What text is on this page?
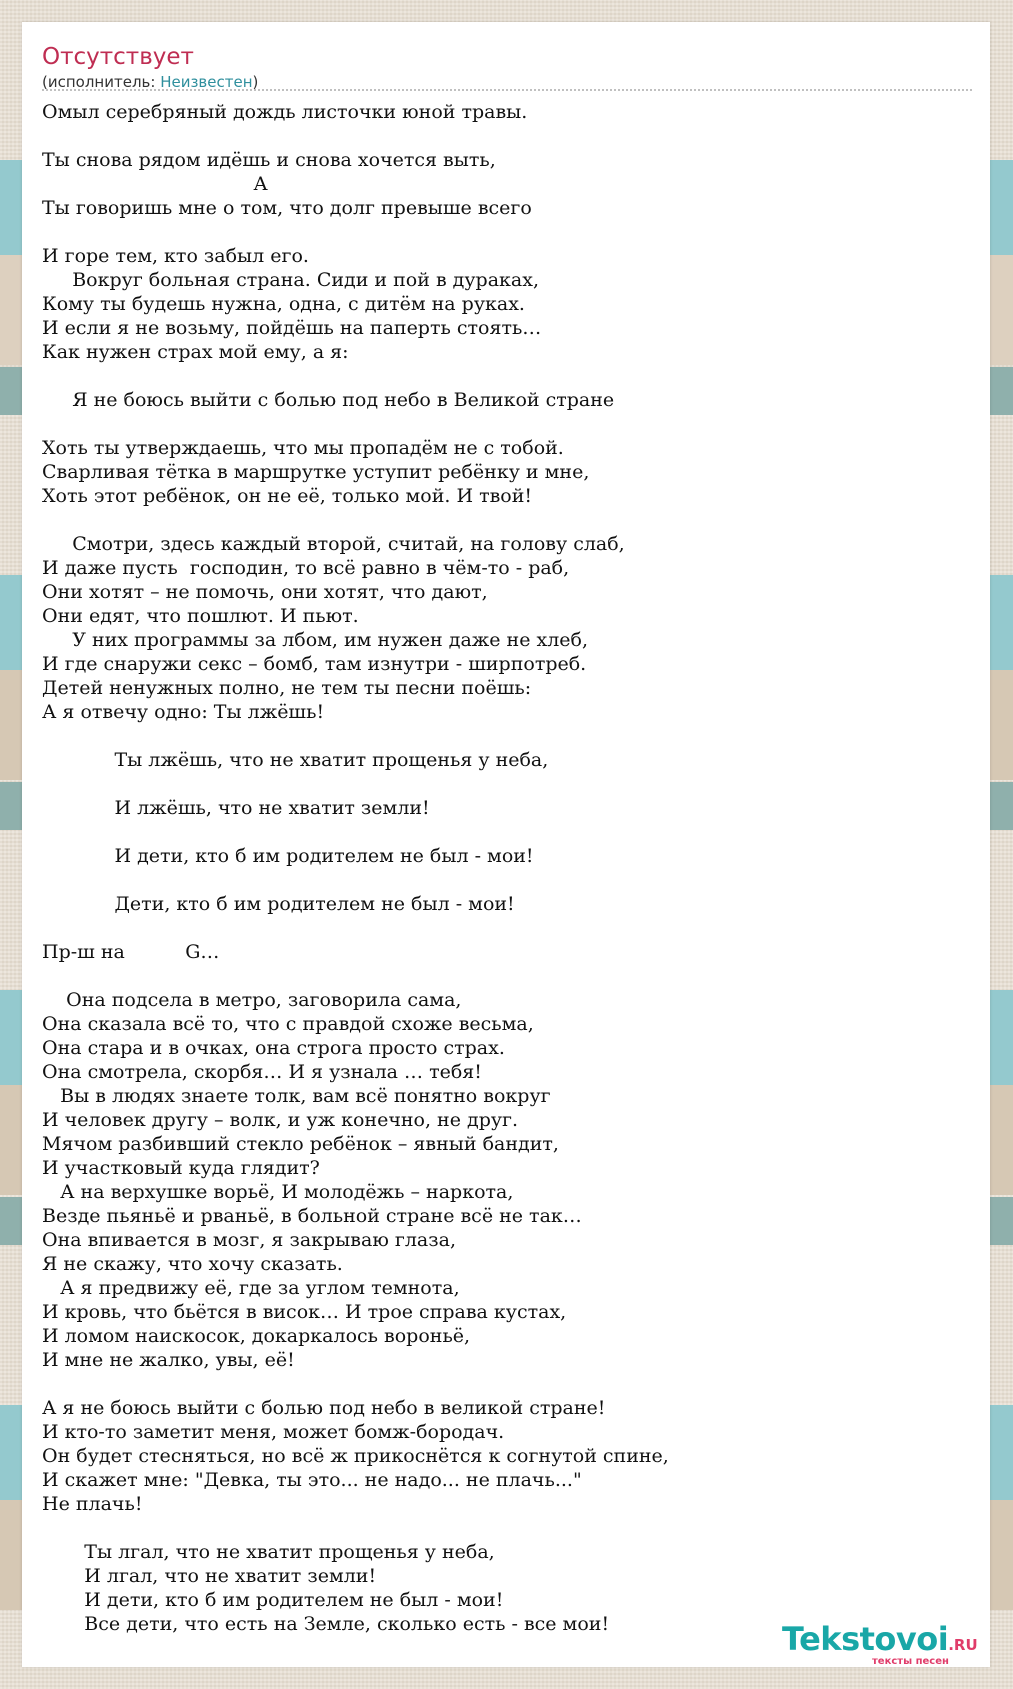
Отсутствует
(исполнитель: Неизвестен)
Омыл серебряный дождь листочки юной травы.
Ты снова рядом идёшь и снова хочется выть,
А
Ты говоришь мне о том, что долг превыше всего
И горе тем, кто забыл его.
Вокруг больная страна. Сиди и пой в дураках,
Кому ты будешь нужна, одна, с дитём на руках.
И если я не возьму, пойдёшь на паперть стоять…
Как нужен страх мой ему, а я:
Я не боюсь выйти с болью под небо в Великой стране
Хоть ты утверждаешь, что мы пропадём не с тобой.
Сварливая тётка в маршрутке уступит ребёнку и мне,
Хоть этот ребёнок, он не её, только мой. И твой!
Смотри, здесь каждый второй, считай, на голову слаб,
И даже пусть  господин, то всё равно в чём-то - раб,
Они хотят – не помочь, они хотят, что дают,
Они едят, что пошлют. И пьют.
У них программы за лбом, им нужен даже не хлеб,
И где снаружи секс – бомб, там изнутри - ширпотреб.
Детей ненужных полно, не тем ты песни поёшь:
А я отвечу одно: Ты лжёшь!
Ты лжёшь, что не хватит прощенья у неба,
И лжёшь, что не хватит земли!
И дети, кто б им родителем не был - мои!
Дети, кто б им родителем не был - мои!
Пр-ш на          G…
Она подсела в метро, заговорила сама,
Она сказала всё то, что с правдой схоже весьма,
Она стара и в очках, она строга просто страх.
Она смотрела, скорбя… И я узнала … тебя!
Вы в людях знаете толк, вам всё понятно вокруг
И человек другу – волк, и уж конечно, не друг.
Мячом разбивший стекло ребёнок – явный бандит,
И участковый куда глядит?
А на верхушке ворьё, И молодёжь – наркота,
Везде пьяньё и рваньё, в больной стране всё не так…
Она впивается в мозг, я закрываю глаза,
Я не скажу, что хочу сказать.
А я предвижу её, где за углом темнота,
И кровь, что бьётся в висок… И трое справа кустах,
И ломом наискосок, докаркалось вороньё,
И мне не жалко, увы, её!
А я не боюсь выйти с болью под небо в великой стране!
И кто-то заметит меня, может бомж-бородач.
Он будет стесняться, но всё ж прикоснётся к согнутой спине,
И скажет мне: "Девка, ты это... не надо... не плачь..."
Не плачь!
Ты лгал, что не хватит прощенья у неба,
И лгал, что не хватит земли!
И дети, кто б им родителем не был - мои!
Все дети, что есть на Земле, сколько есть - все мои!	Tekstovoi.RU
тексты песен
